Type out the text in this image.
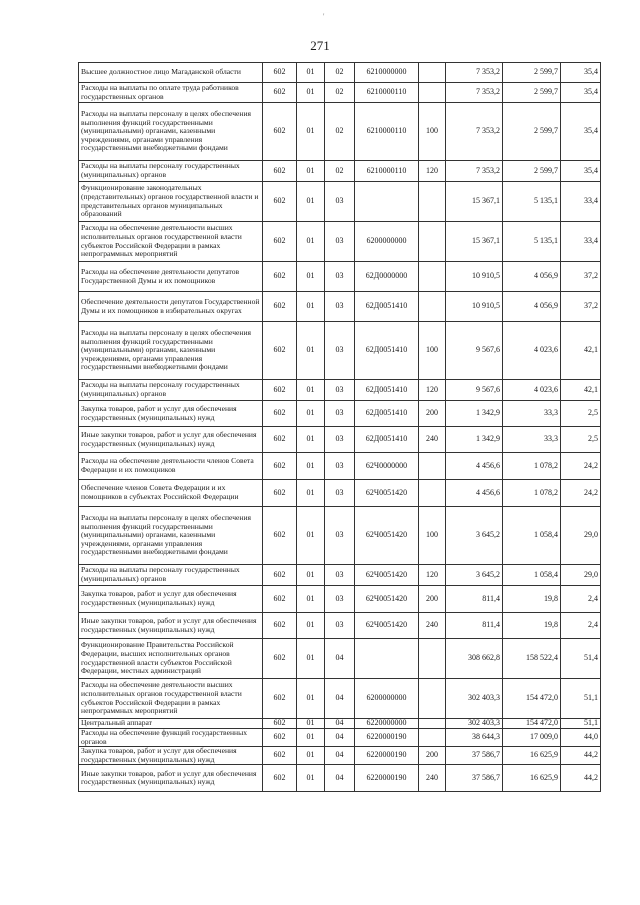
271
Высшее должностное лицо Магаданской области	602	01	02	6210000000		7 353,2	2 599,7	35,4
Расходы на выплаты по оплате труда работников государственных органов	602	01	02	6210000110		7 353,2	2 599,7	35,4
Расходы на выплаты персоналу в целях обеспечения выполнения функций государственными (муниципальными) органами, казенными учреждениями, органами управления государственными внебюджетными фондами	602	01	02	6210000110	100	7 353,2	2 599,7	35,4
Расходы на выплаты персоналу государственных (муниципальных) органов	602	01	02	6210000110	120	7 353,2	2 599,7	35,4
Функционирование законодательных (представительных) органов государственной власти и представительных органов муниципальных образований	602	01	03			15 367,1	5 135,1	33,4
Расходы на обеспечение деятельности высших исполнительных органов государственной власти субъектов Российской Федерации в рамках непрограммных мероприятий	602	01	03	6200000000		15 367,1	5 135,1	33,4
Расходы на обеспечение деятельности депутатов Государственной Думы и их помощников	602	01	03	62Д0000000		10 910,5	4 056,9	37,2
Обеспечение деятельности депутатов Государственной Думы и их помощников в избирательных округах	602	01	03	62Д0051410		10 910,5	4 056,9	37,2
Расходы на выплаты персоналу в целях обеспечения выполнения функций государственными (муниципальными) органами, казенными учреждениями, органами управления государственными внебюджетными фондами	602	01	03	62Д0051410	100	9 567,6	4 023,6	42,1
Расходы на выплаты персоналу государственных (муниципальных) органов	602	01	03	62Д0051410	120	9 567,6	4 023,6	42,1
Закупка товаров, работ и услуг для обеспечения государственных (муниципальных) нужд	602	01	03	62Д0051410	200	1 342,9	33,3	2,5
Иные закупки товаров, работ и услуг для обеспечения государственных (муниципальных) нужд	602	01	03	62Д0051410	240	1 342,9	33,3	2,5
Расходы на обеспечение деятельности членов Совета Федерации и их помощников	602	01	03	62Ч0000000		4 456,6	1 078,2	24,2
Обеспечение членов Совета Федерации и их помощников в субъектах Российской Федерации	602	01	03	62Ч0051420		4 456,6	1 078,2	24,2
Расходы на выплаты персоналу в целях обеспечения выполнения функций государственными (муниципальными) органами, казенными учреждениями, органами управления государственными внебюджетными фондами	602	01	03	62Ч0051420	100	3 645,2	1 058,4	29,0
Расходы на выплаты персоналу государственных (муниципальных) органов	602	01	03	62Ч0051420	120	3 645,2	1 058,4	29,0
Закупка товаров, работ и услуг для обеспечения государственных (муниципальных) нужд	602	01	03	62Ч0051420	200	811,4	19,8	2,4
Иные закупки товаров, работ и услуг для обеспечения государственных (муниципальных) нужд	602	01	03	62Ч0051420	240	811,4	19,8	2,4
Функционирование Правительства Российской Федерации, высших исполнительных органов государственной власти субъектов Российской Федерации, местных администраций	602	01	04			308 662,8	158 522,4	51,4
Расходы на обеспечение деятельности высших исполнительных органов государственной власти субъектов Российской Федерации в рамках непрограммных мероприятий	602	01	04	6200000000		302 403,3	154 472,0	51,1
Центральный аппарат	602	01	04	6220000000		302 403,3	154 472,0	51,1
Расходы на обеспечение функций государственных органов	602	01	04	6220000190		38 644,3	17 009,0	44,0
Закупка товаров, работ и услуг для обеспечения государственных (муниципальных) нужд	602	01	04	6220000190	200	37 586,7	16 625,9	44,2
Иные закупки товаров, работ и услуг для обеспечения государственных (муниципальных) нужд	602	01	04	6220000190	240	37 586,7	16 625,9	44,2
'
